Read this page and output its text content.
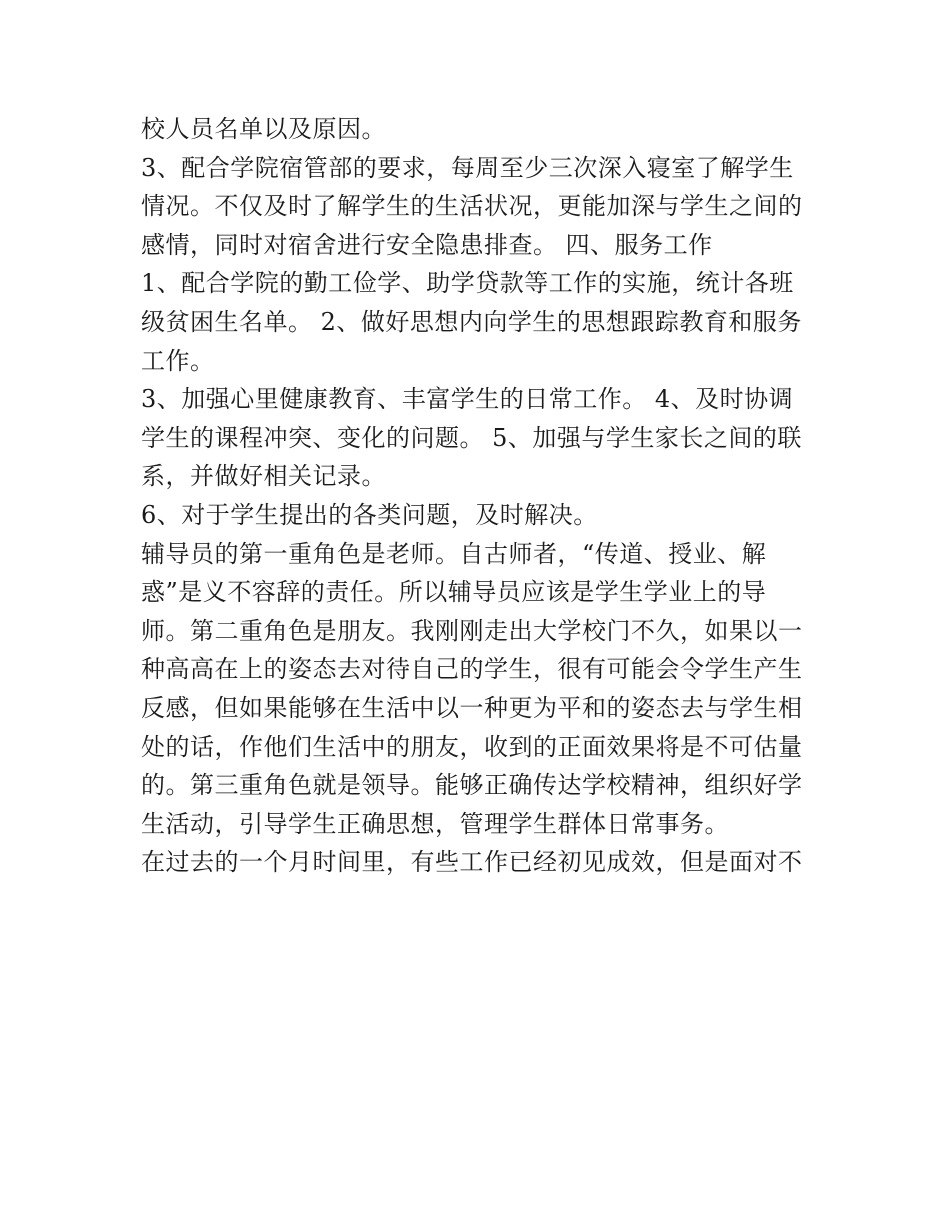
校人员名单以及原因。
3、配合学院宿管部的要求，每周至少三次深入寝室了解学生
情况。不仅及时了解学生的生活状况，更能加深与学生之间的
感情，同时对宿舍进行安全隐患排查。 四、服务工作
1、配合学院的勤工俭学、助学贷款等工作的实施，统计各班
级贫困生名单。 2、做好思想内向学生的思想跟踪教育和服务
工作。
3、加强心里健康教育、丰富学生的日常工作。 4、及时协调
学生的课程冲突、变化的问题。 5、加强与学生家长之间的联
系，并做好相关记录。
6、对于学生提出的各类问题，及时解决。
辅导员的第一重角色是老师。自古师者，“传道、授业、解
惑”是义不容辞的责任。所以辅导员应该是学生学业上的导
师。第二重角色是朋友。我刚刚走出大学校门不久，如果以一
种高高在上的姿态去对待自己的学生，很有可能会令学生产生
反感，但如果能够在生活中以一种更为平和的姿态去与学生相
处的话，作他们生活中的朋友，收到的正面效果将是不可估量
的。第三重角色就是领导。能够正确传达学校精神，组织好学
生活动，引导学生正确思想，管理学生群体日常事务。
在过去的一个月时间里，有些工作已经初见成效，但是面对不
